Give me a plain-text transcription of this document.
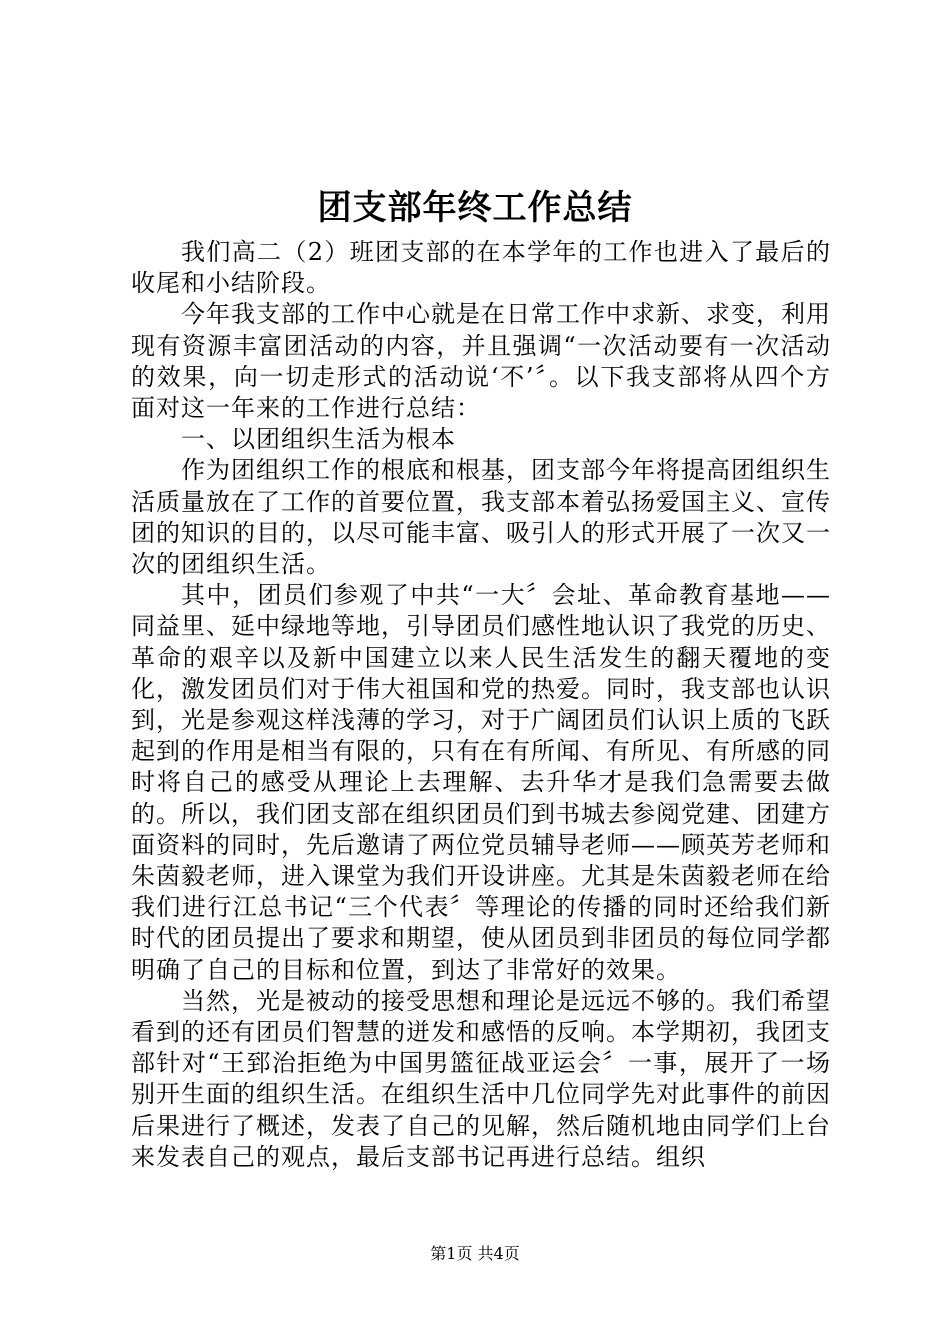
团支部年终工作总结

我们高二（2）班团支部的在本学年的工作也进入了最后的收尾和小结阶段。

今年我支部的工作中心就是在日常工作中求新、求变，利用现有资源丰富团活动的内容，并且强调“一次活动要有一次活动的效果，向一切走形式的活动说‘不’〞。以下我支部将从四个方面对这一年来的工作进行总结：

一、以团组织生活为根本

作为团组织工作的根底和根基，团支部今年将提高团组织生活质量放在了工作的首要位置，我支部本着弘扬爱国主义、宣传团的知识的目的，以尽可能丰富、吸引人的形式开展了一次又一次的团组织生活。

其中，团员们参观了中共“一大〞会址、革命教育基地——同益里、延中绿地等地，引导团员们感性地认识了我党的历史、革命的艰辛以及新中国建立以来人民生活发生的翻天覆地的变化，激发团员们对于伟大祖国和党的热爱。同时，我支部也认识到，光是参观这样浅薄的学习，对于广阔团员们认识上质的飞跃起到的作用是相当有限的，只有在有所闻、有所见、有所感的同时将自己的感受从理论上去理解、去升华才是我们急需要去做的。所以，我们团支部在组织团员们到书城去参阅党建、团建方面资料的同时，先后邀请了两位党员辅导老师——顾英芳老师和朱茵毅老师，进入课堂为我们开设讲座。尤其是朱茵毅老师在给我们进行江总书记“三个代表〞等理论的传播的同时还给我们新时代的团员提出了要求和期望，使从团员到非团员的每位同学都明确了自己的目标和位置，到达了非常好的效果。

当然，光是被动的接受思想和理论是远远不够的。我们希望看到的还有团员们智慧的迸发和感悟的反响。本学期初，我团支部针对“王郅治拒绝为中国男篮征战亚运会〞一事，展开了一场别开生面的组织生活。在组织生活中几位同学先对此事件的前因后果进行了概述，发表了自己的见解，然后随机地由同学们上台来发表自己的观点，最后支部书记再进行总结。组织

第1页 共4页
